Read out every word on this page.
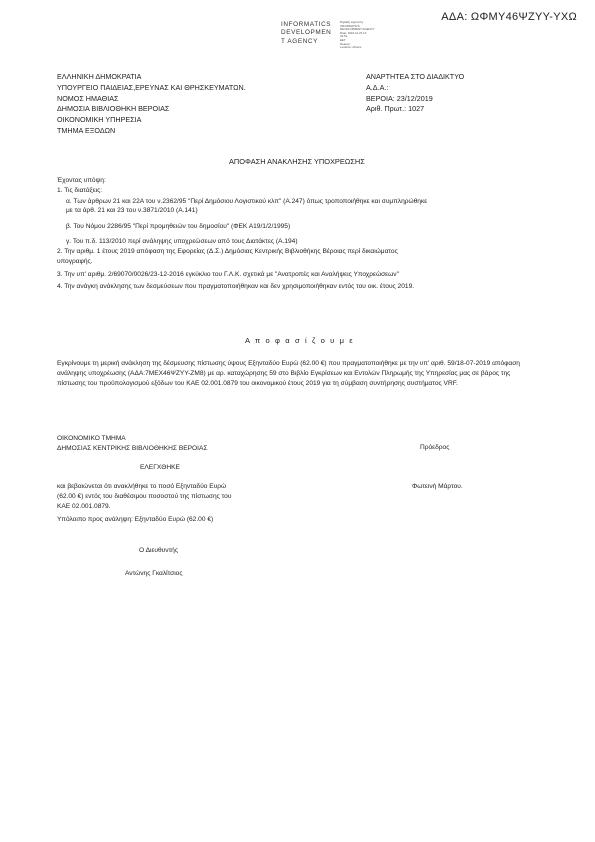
ΑΔΑ: ΩΦΜΥ46ΨΖΥΥ-ΥΧΩ
INFORMATICS
DEVELOPMEN
T AGENCY
Digitally signed by
INFORMATICS
DEVELOPMENT AGENCY
Date: 2019.12.23 12:
34:51
EET
Reason:
Location: Athens
ΕΛΛΗΝΙΚΗ ΔΗΜΟΚΡΑΤΙΑ
ΥΠΟΥΡΓΕΙΟ ΠΑΙΔΕΙΑΣ,ΕΡΕΥΝΑΣ ΚΑΙ ΘΡΗΣΚΕΥΜΑΤΩΝ.
ΝΟΜΟΣ ΗΜΑΘΙΑΣ
ΔΗΜΟΣΙΑ ΒΙΒΛΙΟΘΗΚΗ ΒΕΡΟΙΑΣ
ΟΙΚΟΝΟΜΙΚΗ ΥΠΗΡΕΣΙΑ
ΤΜΗΜΑ ΕΞΟΔΩΝ
ΑΝΑΡΤΗΤΕΑ ΣΤΟ ΔΙΑΔΙΚΤΥΟ
Α.Δ.Α.:
ΒΕΡΟΙΑ: 23/12/2019
Αριθ. Πρωτ.: 1027
ΑΠΟΦΑΣΗ ΑΝΑΚΛΗΣΗΣ ΥΠΟΧΡΕΩΣΗΣ
Έχοντας υπόψη:
1. Τις διατάξεις:
α. Των άρθρων 21 και 22Α του ν.2362/95 "Περί Δημόσιου Λογιστικού κλπ" (Α.247) όπως τροποποιήθηκε και συμπληρώθηκε
με τα άρθ. 21 και 23 του ν.3871/2010 (Α.141)
β. Του Νόμου 2286/95 "Περί προμηθειών του δημοσίου" (ΦΕΚ Α19/1/2/1995)
γ. Του π.δ. 113/2010 περί ανάληψης υποχρεώσεων από τους Διατάκτες (Α.194)
2. Την αριθμ. 1 έτους 2019 απόφαση της Εφορείας (Δ.Σ.) Δημόσιας Κεντρικής Βιβλιοθήκης Βέροιας περί δικαιώματος
υπογραφής.
3. Την υπ' αριθμ. 2/69070/0026/23-12-2016 εγκύκλιο του Γ.Λ.Κ. σχετικά με "Ανατροπές και Αναλήψεις Υποχρεώσεων"
4. Την ανάγκη ανάκλησης των δεσμεύσεων που πραγματοποιήθηκαν και δεν χρησιμοποιήθηκαν εντός του οικ. έτους 2019.
Α π ο φ α σ ί ζ ο υ μ ε
Εγκρίνουμε τη μερική ανάκληση της δέσμευσης πίστωσης ύψους Εξηνταδύο Ευρώ (62.00 €) που πραγματοποιήθηκε με την υπ' αριθ. 59/18-07-2019 απόφαση ανάληψης υποχρέωσης (ΑΔΑ:7ΜΕΧ46ΨΖΥΥ-ΖΜ8) με αρ. καταχώρησης 59 στο Βιβλίο Εγκρίσεων και Εντολών Πληρωμής της Υπηρεσίας μας σε βάρος της πίστωσης του προϋπολογισμού εξόδων του ΚΑΕ 02.001.0879 του οικονομικού έτους 2019 για τη σύμβαση συντήρησης συστήματος VRF.
ΟΙΚΟΝΟΜΙΚΟ ΤΜΗΜΑ
ΔΗΜΟΣΙΑΣ ΚΕΝΤΡΙΚΗΣ ΒΙΒΛΙΟΘΗΚΗΣ ΒΕΡΟΙΑΣ	Πρόεδρος
ΕΛΕΓΧΘΗΚΕ
και βεβαιώνεται ότι ανακλήθηκε το ποσό Εξηνταδύο Ευρώ
(62.00 €) εντός του διαθέσιμου ποσοστού της πίστωσης του
ΚΑΕ 02.001.0879.
Φωτεινή Μάρτου.
Υπόλοιπο προς ανάληψη: Εξηνταδύο Ευρώ (62.00 €)
Ο Διευθυντής
Αντώνης Γκαλίτσιος
